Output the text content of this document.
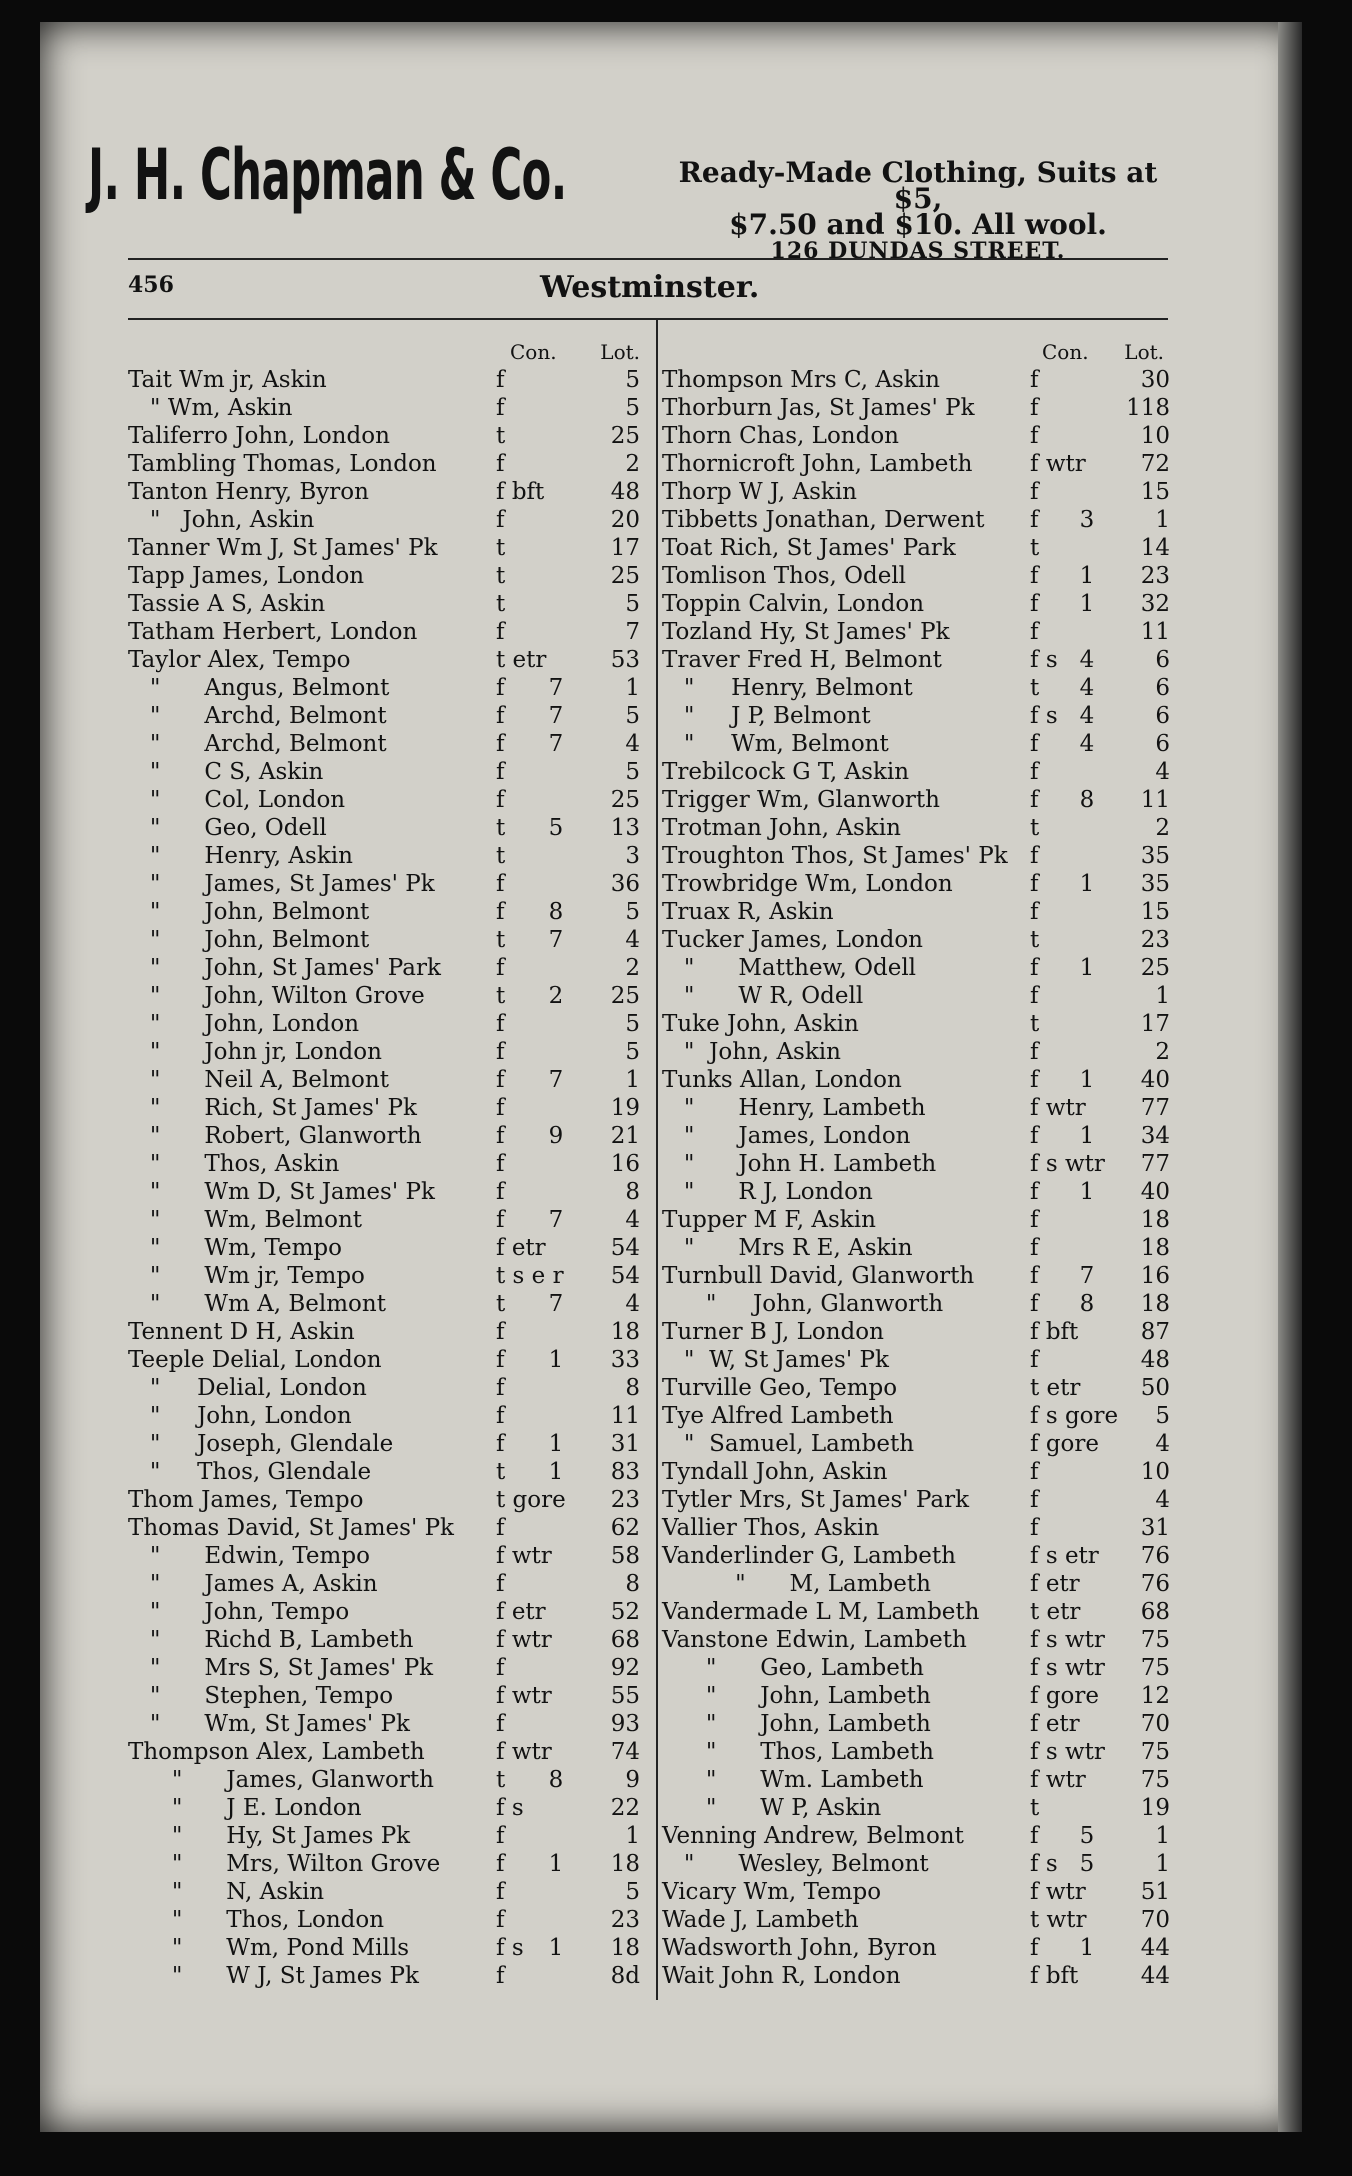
J. H. Chapman & Co.	Ready-Made Clothing, Suits at $5,
$7.50 and $10. All wool.
126 DUNDAS STREET.
456	Westminster.
Con. Lot.
Tait Wm jr, Askin	f	5
" Wm, Askin	f	5
Taliferro John, London	t	25
Tambling Thomas, London	f	2
Tanton Henry, Byron	f bft	48
"   John, Askin	f	20
Tanner Wm J, St James' Pk	t	17
Tapp James, London	t	25
Tassie A S, Askin	t	5
Tatham Herbert, London	f	7
Taylor Alex, Tempo	t etr	53
"      Angus, Belmont	f	7	1
"      Archd, Belmont	f	7	5
"      Archd, Belmont	f	7	4
"      C S, Askin	f	5
"      Col, London	f	25
"      Geo, Odell	t	5	13
"      Henry, Askin	t	3
"      James, St James' Pk	f	36
"      John, Belmont	f	8	5
"      John, Belmont	t	7	4
"      John, St James' Park f	2
"      John, Wilton Grove	t	2	25
"      John, London	f	5
"      John jr, London	f	5
"      Neil A, Belmont	f	7	1
"      Rich, St James' Pk	f	19
"      Robert, Glanworth	f	9	21
"      Thos, Askin	f	16
"      Wm D, St James' Pk	f	8
"      Wm, Belmont	f	7	4
"      Wm, Tempo	f etr	54
"      Wm jr, Tempo	t s e r 54
"      Wm A, Belmont	t	7	4
Tennent D H, Askin	f	18
Teeple Delial, London	f	1	33
"     Delial, London	f	8
"     John, London	f	11
"     Joseph, Glendale	f	1	31
"     Thos, Glendale	t	1	83
Thom James, Tempo	t gore 23
Thomas David, St James' Pk f	62
"      Edwin, Tempo	f wtr	58
"      James A, Askin	f	8
"      John, Tempo	f etr	52
"      Richd B, Lambeth	f wtr	68
"      Mrs S, St James' Pk	f	92
"      Stephen, Tempo	f wtr	55
"      Wm, St James' Pk	f	93
Thompson Alex, Lambeth	f wtr	74
"      James, Glanworth	t	8	9
"      J E. London	f s	22
"      Hy, St James Pk	f	1
"      Mrs, Wilton Grove f	1	18
"      N, Askin	f	5
"      Thos, London	f	23
"      Wm, Pond Mills	f s	1	18
"      W J, St James Pk	f	8d
Con. Lot.
Thompson Mrs C, Askin	f	30
Thorburn Jas, St James' Pk f	118
Thorn Chas, London	f	10
Thornicroft John, Lambeth	f wtr 72
Thorp W J, Askin	f	15
Tibbetts Jonathan, Derwent f	3	1
Toat Rich, St James' Park	t	14
Tomlison Thos, Odell	f	1	23
Toppin Calvin, London	f	1	32
Tozland Hy, St James' Pk	f	11
Traver Fred H, Belmont	f s 4	6
"     Henry, Belmont	t	4	6
"     J P, Belmont	f s 4	6
"     Wm, Belmont	f	4	6
Trebilcock G T, Askin	f	4
Trigger Wm, Glanworth	f	8	11
Trotman John, Askin	t	2
Troughton Thos, St James' Pk f	35
Trowbridge Wm, London	f	1	35
Truax R, Askin	f	15
Tucker James, London	t	23
"      Matthew, Odell	f	1	25
"      W R, Odell	f	1
Tuke John, Askin	t	17
"  John, Askin	f	2
Tunks Allan, London	f	1	40
"      Henry, Lambeth	f wtr 77
"      James, London	f	1	34
"      John H. Lambeth	f s wtr 77
"      R J, London	f	1	40
Tupper M F, Askin	f	18
"      Mrs R E, Askin	f	18
Turnbull David, Glanworth f	7	16
"     John, Glanworth	f	8	18
Turner B J, London	f bft	87
"  W, St James' Pk	f	48
Turville Geo, Tempo	t etr	50
Tye Alfred Lambeth	f s gore 5
"  Samuel, Lambeth	f gore 4
Tyndall John, Askin	f	10
Tytler Mrs, St James' Park	f	4
Vallier Thos, Askin	f	31
Vanderlinder G, Lambeth	f s etr 76
"      M, Lambeth	f etr	76
Vandermade L M, Lambeth t etr	68
Vanstone Edwin, Lambeth	f s wtr 75
"      Geo, Lambeth	f s wtr 75
"      John, Lambeth	f gore 12
"      John, Lambeth	f etr	70
"      Thos, Lambeth	f s wtr 75
"      Wm. Lambeth	f wtr 75
"      W P, Askin	t	19
Venning Andrew, Belmont	f	5	1
"      Wesley, Belmont	f s 5	1
Vicary Wm, Tempo	f wtr 51
Wade J, Lambeth	t wtr 70
Wadsworth John, Byron	f	1	44
Wait John R, London	f bft	44
